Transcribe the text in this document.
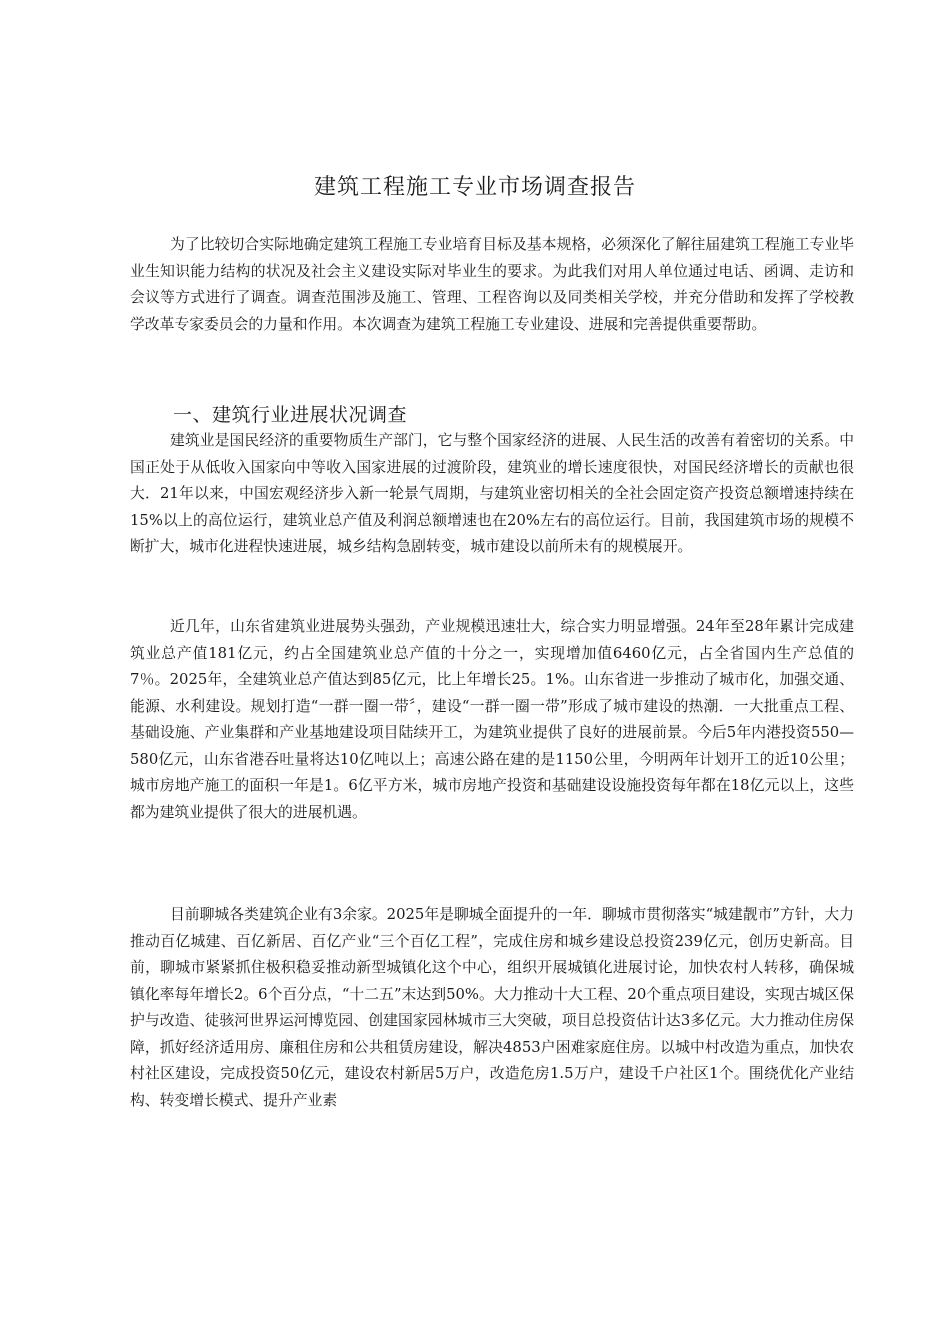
建筑工程施工专业市场调查报告

为了比较切合实际地确定建筑工程施工专业培育目标及基本规格，必须深化了解往届建筑工程施工专业毕业生知识能力结构的状况及社会主义建设实际对毕业生的要求。为此我们对用人单位通过电话、函调、走访和会议等方式进行了调查。调查范围涉及施工、管理、工程咨询以及同类相关学校，并充分借助和发挥了学校教学改革专家委员会的力量和作用。本次调查为建筑工程施工专业建设、进展和完善提供重要帮助。

一、建筑行业进展状况调查

建筑业是国民经济的重要物质生产部门，它与整个国家经济的进展、人民生活的改善有着密切的关系。中国正处于从低收入国家向中等收入国家进展的过渡阶段，建筑业的增长速度很快，对国民经济增长的贡献也很大．21年以来，中国宏观经济步入新一轮景气周期，与建筑业密切相关的全社会固定资产投资总额增速持续在15%以上的高位运行，建筑业总产值及利润总额增速也在20%左右的高位运行。目前，我国建筑市场的规模不断扩大，城市化进程快速进展，城乡结构急剧转变，城市建设以前所未有的规模展开。

近几年，山东省建筑业进展势头强劲，产业规模迅速壮大，综合实力明显增强。24年至28年累计完成建筑业总产值181亿元，约占全国建筑业总产值的十分之一，实现增加值6460亿元，占全省国内生产总值的7％。2025年，全建筑业总产值达到85亿元，比上年增长25。1%。山东省进一步推动了城市化，加强交通、能源、水利建设。规划打造“一群一圈一带〞，建设“一群一圈一带”形成了城市建设的热潮．一大批重点工程、基础设施、产业集群和产业基地建设项目陆续开工，为建筑业提供了良好的进展前景。今后5年内港投资550—580亿元，山东省港吞吐量将达10亿吨以上；高速公路在建的是1150公里，今明两年计划开工的近10公里；城市房地产施工的面积一年是1。6亿平方米，城市房地产投资和基础建设设施投资每年都在18亿元以上，这些都为建筑业提供了很大的进展机遇。

目前聊城各类建筑企业有3余家。2025年是聊城全面提升的一年．聊城市贯彻落实“城建靓市”方针，大力推动百亿城建、百亿新居、百亿产业“三个百亿工程”，完成住房和城乡建设总投资239亿元，创历史新高。目前，聊城市紧紧抓住极积稳妥推动新型城镇化这个中心，组织开展城镇化进展讨论，加快农村人转移，确保城镇化率每年增长2。6个百分点，“十二五”末达到50%。大力推动十大工程、20个重点项目建设，实现古城区保护与改造、徒骇河世界运河博览园、创建国家园林城市三大突破，项目总投资估计达3多亿元。大力推动住房保障，抓好经济适用房、廉租住房和公共租赁房建设，解决4853户困难家庭住房。以城中村改造为重点，加快农村社区建设，完成投资50亿元，建设农村新居5万户，改造危房1.5万户，建设千户社区1个。围绕优化产业结构、转变增长模式、提升产业素
